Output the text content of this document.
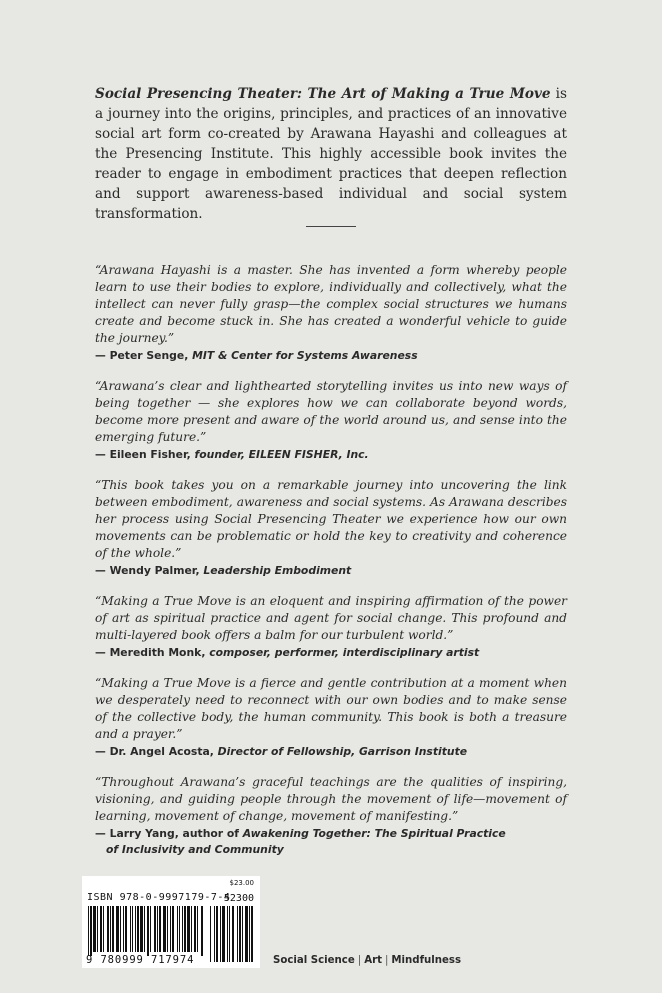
Social Presencing Theater: The Art of Making a True Move is a journey into the origins, principles, and practices of an innovative social art form co-created by Arawana Hayashi and colleagues at the Presencing Institute. This highly accessible book invites the reader to engage in embodiment practices that deepen reflection and support awareness-based individual and social system transformation.

“Arawana Hayashi is a master. She has invented a form whereby people learn to use their bodies to explore, individually and collectively, what the intellect can never fully grasp—the complex social structures we humans create and become stuck in. She has created a wonderful vehicle to guide the journey.”

— Peter Senge, MIT & Center for Systems Awareness

“Arawana’s clear and lighthearted storytelling invites us into new ways of being together — she explores how we can collaborate beyond words, become more present and aware of the world around us, and sense into the emerging future.”

— Eileen Fisher, founder, EILEEN FISHER, Inc.

“This book takes you on a remarkable journey into uncovering the link between embodiment, awareness and social systems. As Arawana describes her process using Social Presencing Theater we experience how our own movements can be problematic or hold the key to creativity and coherence of the whole.”

— Wendy Palmer, Leadership Embodiment

“Making a True Move is an eloquent and inspiring affirmation of the power of art as spiritual practice and agent for social change. This profound and multi-layered book offers a balm for our turbulent world.”

— Meredith Monk, composer, performer, interdisciplinary artist

“Making a True Move is a fierce and gentle contribution at a moment when we desperately need to reconnect with our own bodies and to make sense of the collective body, the human community. This book is both a treasure and a prayer.”

— Dr. Angel Acosta, Director of Fellowship, Garrison Institute

“Throughout Arawana’s graceful teachings are the qualities of inspiring, visioning, and guiding people through the movement of life—movement of learning, movement of change, movement of manifesting.”

— Larry Yang, author of Awakening Together: The Spiritual Practice
of Inclusivity and Community

$23.00

ISBN 978-0-9997179-7-4

52300

9 780999 717974	Social Science | Art | Mindfulness
